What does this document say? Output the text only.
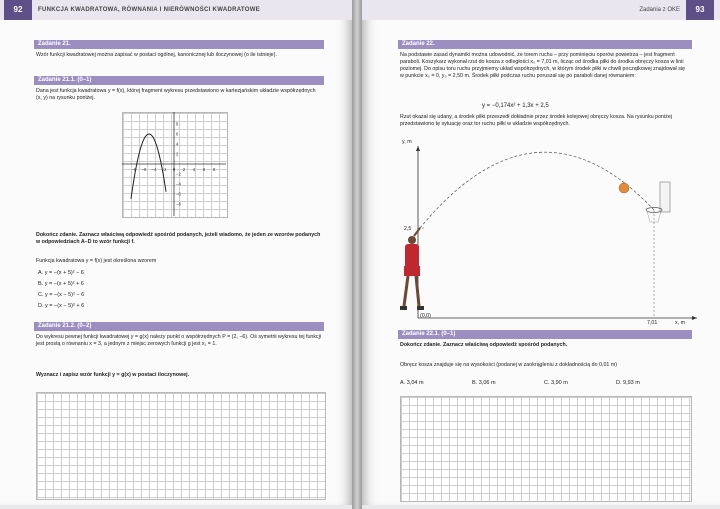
92	FUNKCJA KWADRATOWA, RÓWNANIA I NIERÓWNOŚCI KWADRATOWE
Zadanie 21.
Wzór funkcji kwadratowej można zapisać w postaci ogólnej, kanonicznej lub iloczynowej (o ile istnieje).
Zadanie 21.1. (0–1)
Dana jest funkcja kwadratowa y = f(x), której fragment wykresu przedstawiono w kartezjańskim układzie współrzędnych (x, y) na rysunku poniżej.
−8 −6 −4 −2 0 2 4 6 8
8
6
4
2
−2
−4
−6
−8
Dokończ zdanie. Zaznacz właściwą odpowiedź spośród podanych, jeżeli wiadomo, że jeden ze wzorów podanych w odpowiedziach A–D to wzór funkcji f.
Funkcja kwadratowa y = f(x) jest określona wzorem
A. y = −(x + 5)² − 6
B. y = −(x + 5)² + 6
C. y = −(x − 5)² − 6
D. y = −(x − 5)² + 6
Zadanie 21.2. (0–2)
Do wykresu pewnej funkcji kwadratowej y = g(x) należy punkt o współrzędnych P = (2, −6). Oś symetrii wykresu tej funkcji jest prostą o równaniu x = 3, a jednym z miejsc zerowych funkcji g jest x₁ = 1.
Wyznacz i zapisz wzór funkcji y = g(x) w postaci iloczynowej.
Zadania z OKE	93
Zadanie 22.
Na podstawie zasad dynamiki można udowodnić, że torem ruchu – przy pominięciu oporów powietrza – jest fragment paraboli. Koszykarz wykonał rzut do kosza z odległości x₀ = 7,01 m, licząc od środka piłki do środka obręczy kosza w linii poziomej. Do opisu toru ruchu przyjmiemy układ współrzędnych, w którym środek piłki w chwili początkowej znajdował się w punkcie x₀ = 0, y₀ = 2,50 m. Środek piłki podczas ruchu poruszał się po paraboli danej równaniem:
y = −0,174x² + 1,3x + 2,5
Rzut okazał się udany, a środek piłki przeszedł dokładnie przez środek kolejowej obręczy kosza. Na rysunku poniżej przedstawiono tę sytuację oraz tor ruchu piłki w układzie współrzędnych.
y, m
2,5
(0,0)
7,01	x, m
Zadanie 22.1. (0–1)
Dokończ zdanie. Zaznacz właściwą odpowiedź spośród podanych.
Obręcz kosza znajduje się na wysokości (podanej w zaokrągleniu z dokładnością do 0,01 m)
A. 3,04 m	B. 3,06 m	C. 3,90 m	D. 9,93 m
